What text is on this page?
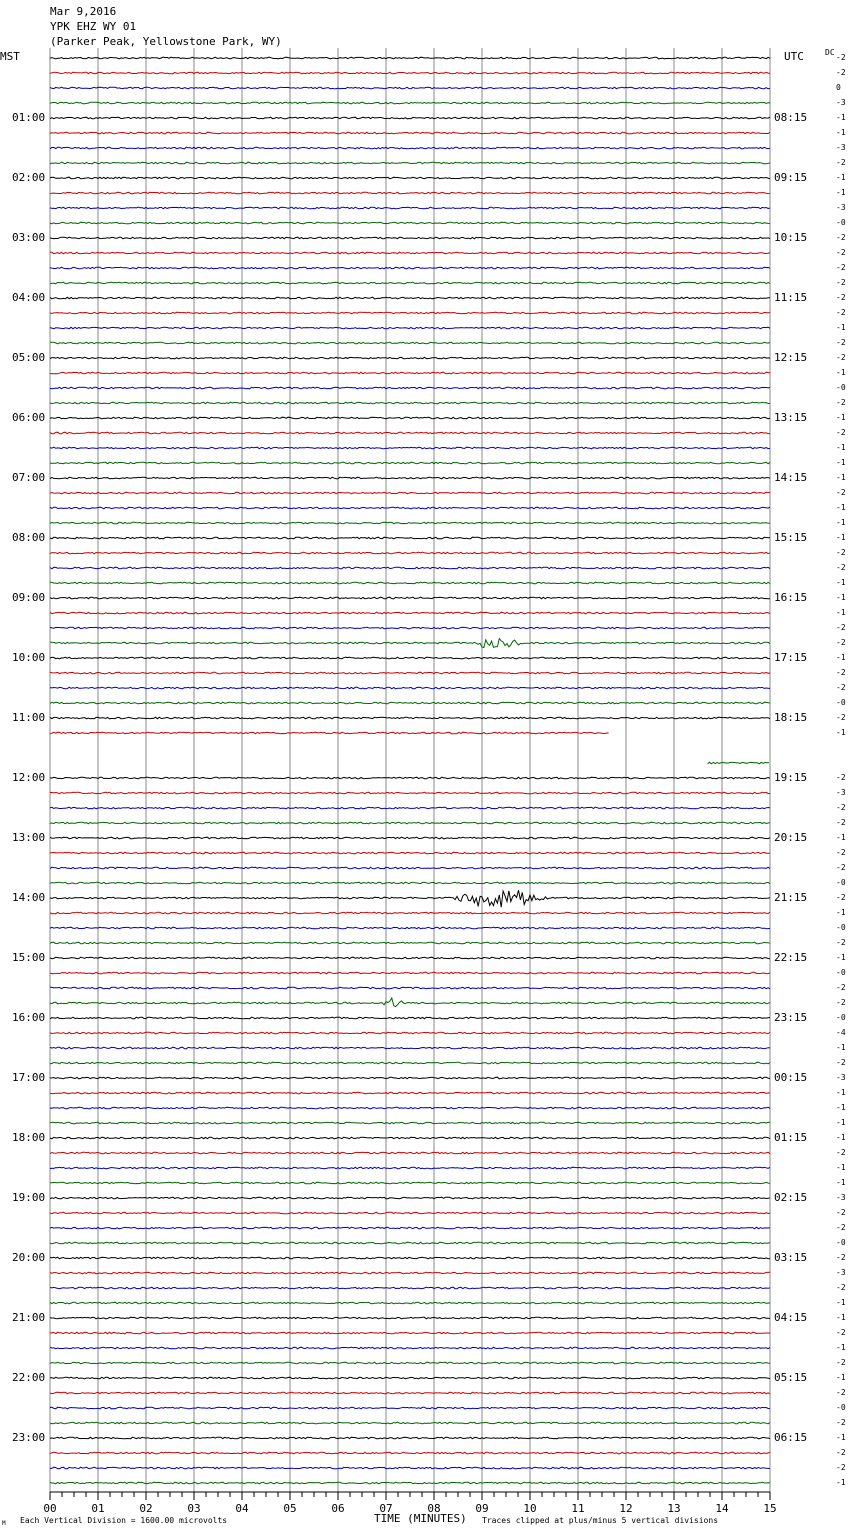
00	01	02	03	04	05	06	07	08	09	10	11	12	13	14	15
Mar 9,2016
YPK EHZ WY 01
(Parker Peak, Yellowstone Park, WY)
MST	UTC	DC
01:00
02:00
03:00
04:00
05:00
06:00
07:00
08:00
09:00
10:00
11:00
12:00
13:00
14:00
15:00
16:00
17:00
18:00
19:00
20:00
21:00
22:00
23:00
08:15
09:15
10:15
11:15
12:15
13:15
14:15
15:15
16:15
17:15
18:15
19:15
20:15
21:15
22:15
23:15
00:15
01:15
02:15
03:15
04:15
05:15
06:15
-2
-2
0
-3
-1
-1
-3
-2
-1
-1
-3
-0
-2
-2
-2
-2
-2
-2
-1
-2
-2
-1
-0
-2
-1
-2
-1
-1
-1
-2
-1
-1
-1
-2
-2
-1
-1
-1
-2
-2
-1
-2
-2
-0
-2
-1
-2
-3
-2
-2
-1
-2
-2
-0
-2
-1
-0
-2
-1
-0
-2
-2
-0
-4
-1
-2
-3
-1
-1
-1
-1
-2
-1
-1
-3
-2
-2
-0
-2
-3
-2
-1
-1
-2
-1
-2
-1
-2
-0
-2
-1
-2
-2
-1
TIME (MINUTES)
Each Vertical Division = 1600.00 microvolts	Traces clipped at plus/minus 5 vertical divisions
M
